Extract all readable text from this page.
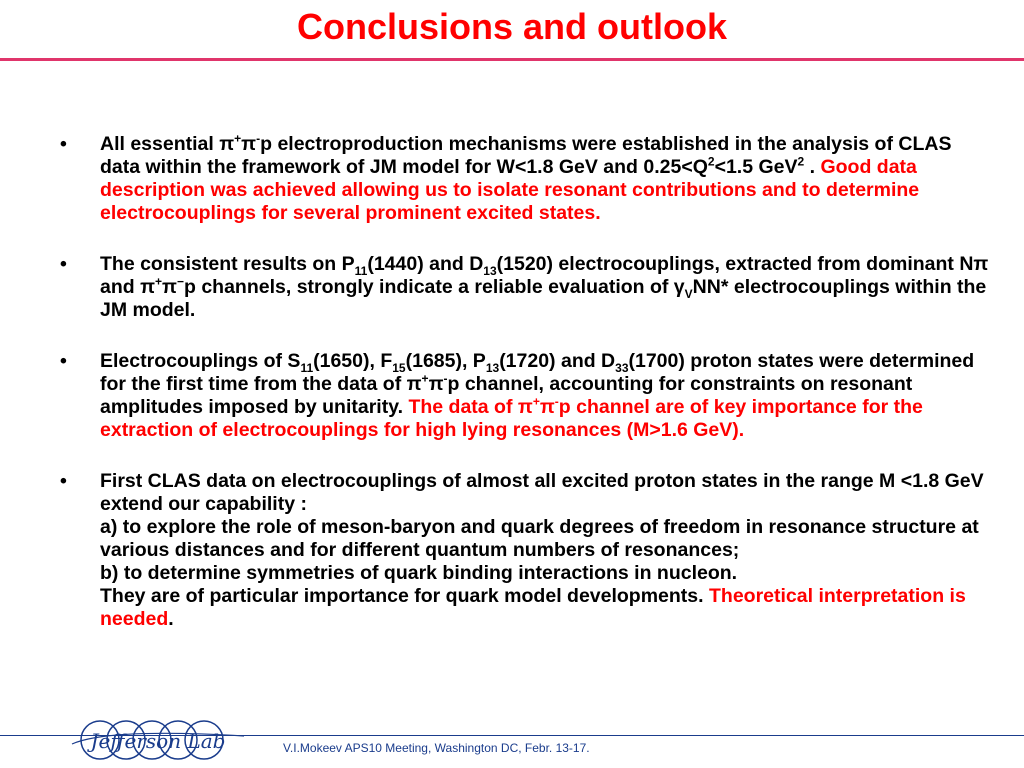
Conclusions and outlook
• All essential π+π-p electroproduction mechanisms were established in the analysis of CLAS data within the framework of JM model for W<1.8 GeV and $0.25<Q^2<1.5$ GeV$^2$ . Good data description was achieved allowing us to isolate resonant contributions and to determine electrocouplings for several prominent excited states.
• The consistent results on $P_{11}(1440)$ and $D_{13}(1520)$ electrocouplings, extracted from dominant Nπ and π+π−p channels, strongly indicate a reliable evaluation of $\gamma_VNN*$ electrocouplings within the JM model.
• Electrocouplings of $S_{11}(1650)$, $F_{15}(1685)$, $P_{13}(1720)$ and $D_{33}(1700)$ proton states were determined for the first time from the data of π+π-p channel, accounting for constraints on resonant amplitudes imposed by unitarity. The data of π+π-p channel are of key importance for the extraction of electrocouplings for high lying resonances (M>1.6 GeV).
• First CLAS data on electrocouplings of almost all excited proton states in the range M <1.8 GeV extend our capability :
a) to explore the role of meson-baryon and quark degrees of freedom in resonance structure at various distances and for different quantum numbers of resonances;
b) to determine symmetries of quark binding interactions in nucleon.
They are of particular importance for quark model developments. Theoretical interpretation is needed.
Jefferson Lab	V.I.Mokeev APS10 Meeting, Washington DC, Febr. 13-17.
